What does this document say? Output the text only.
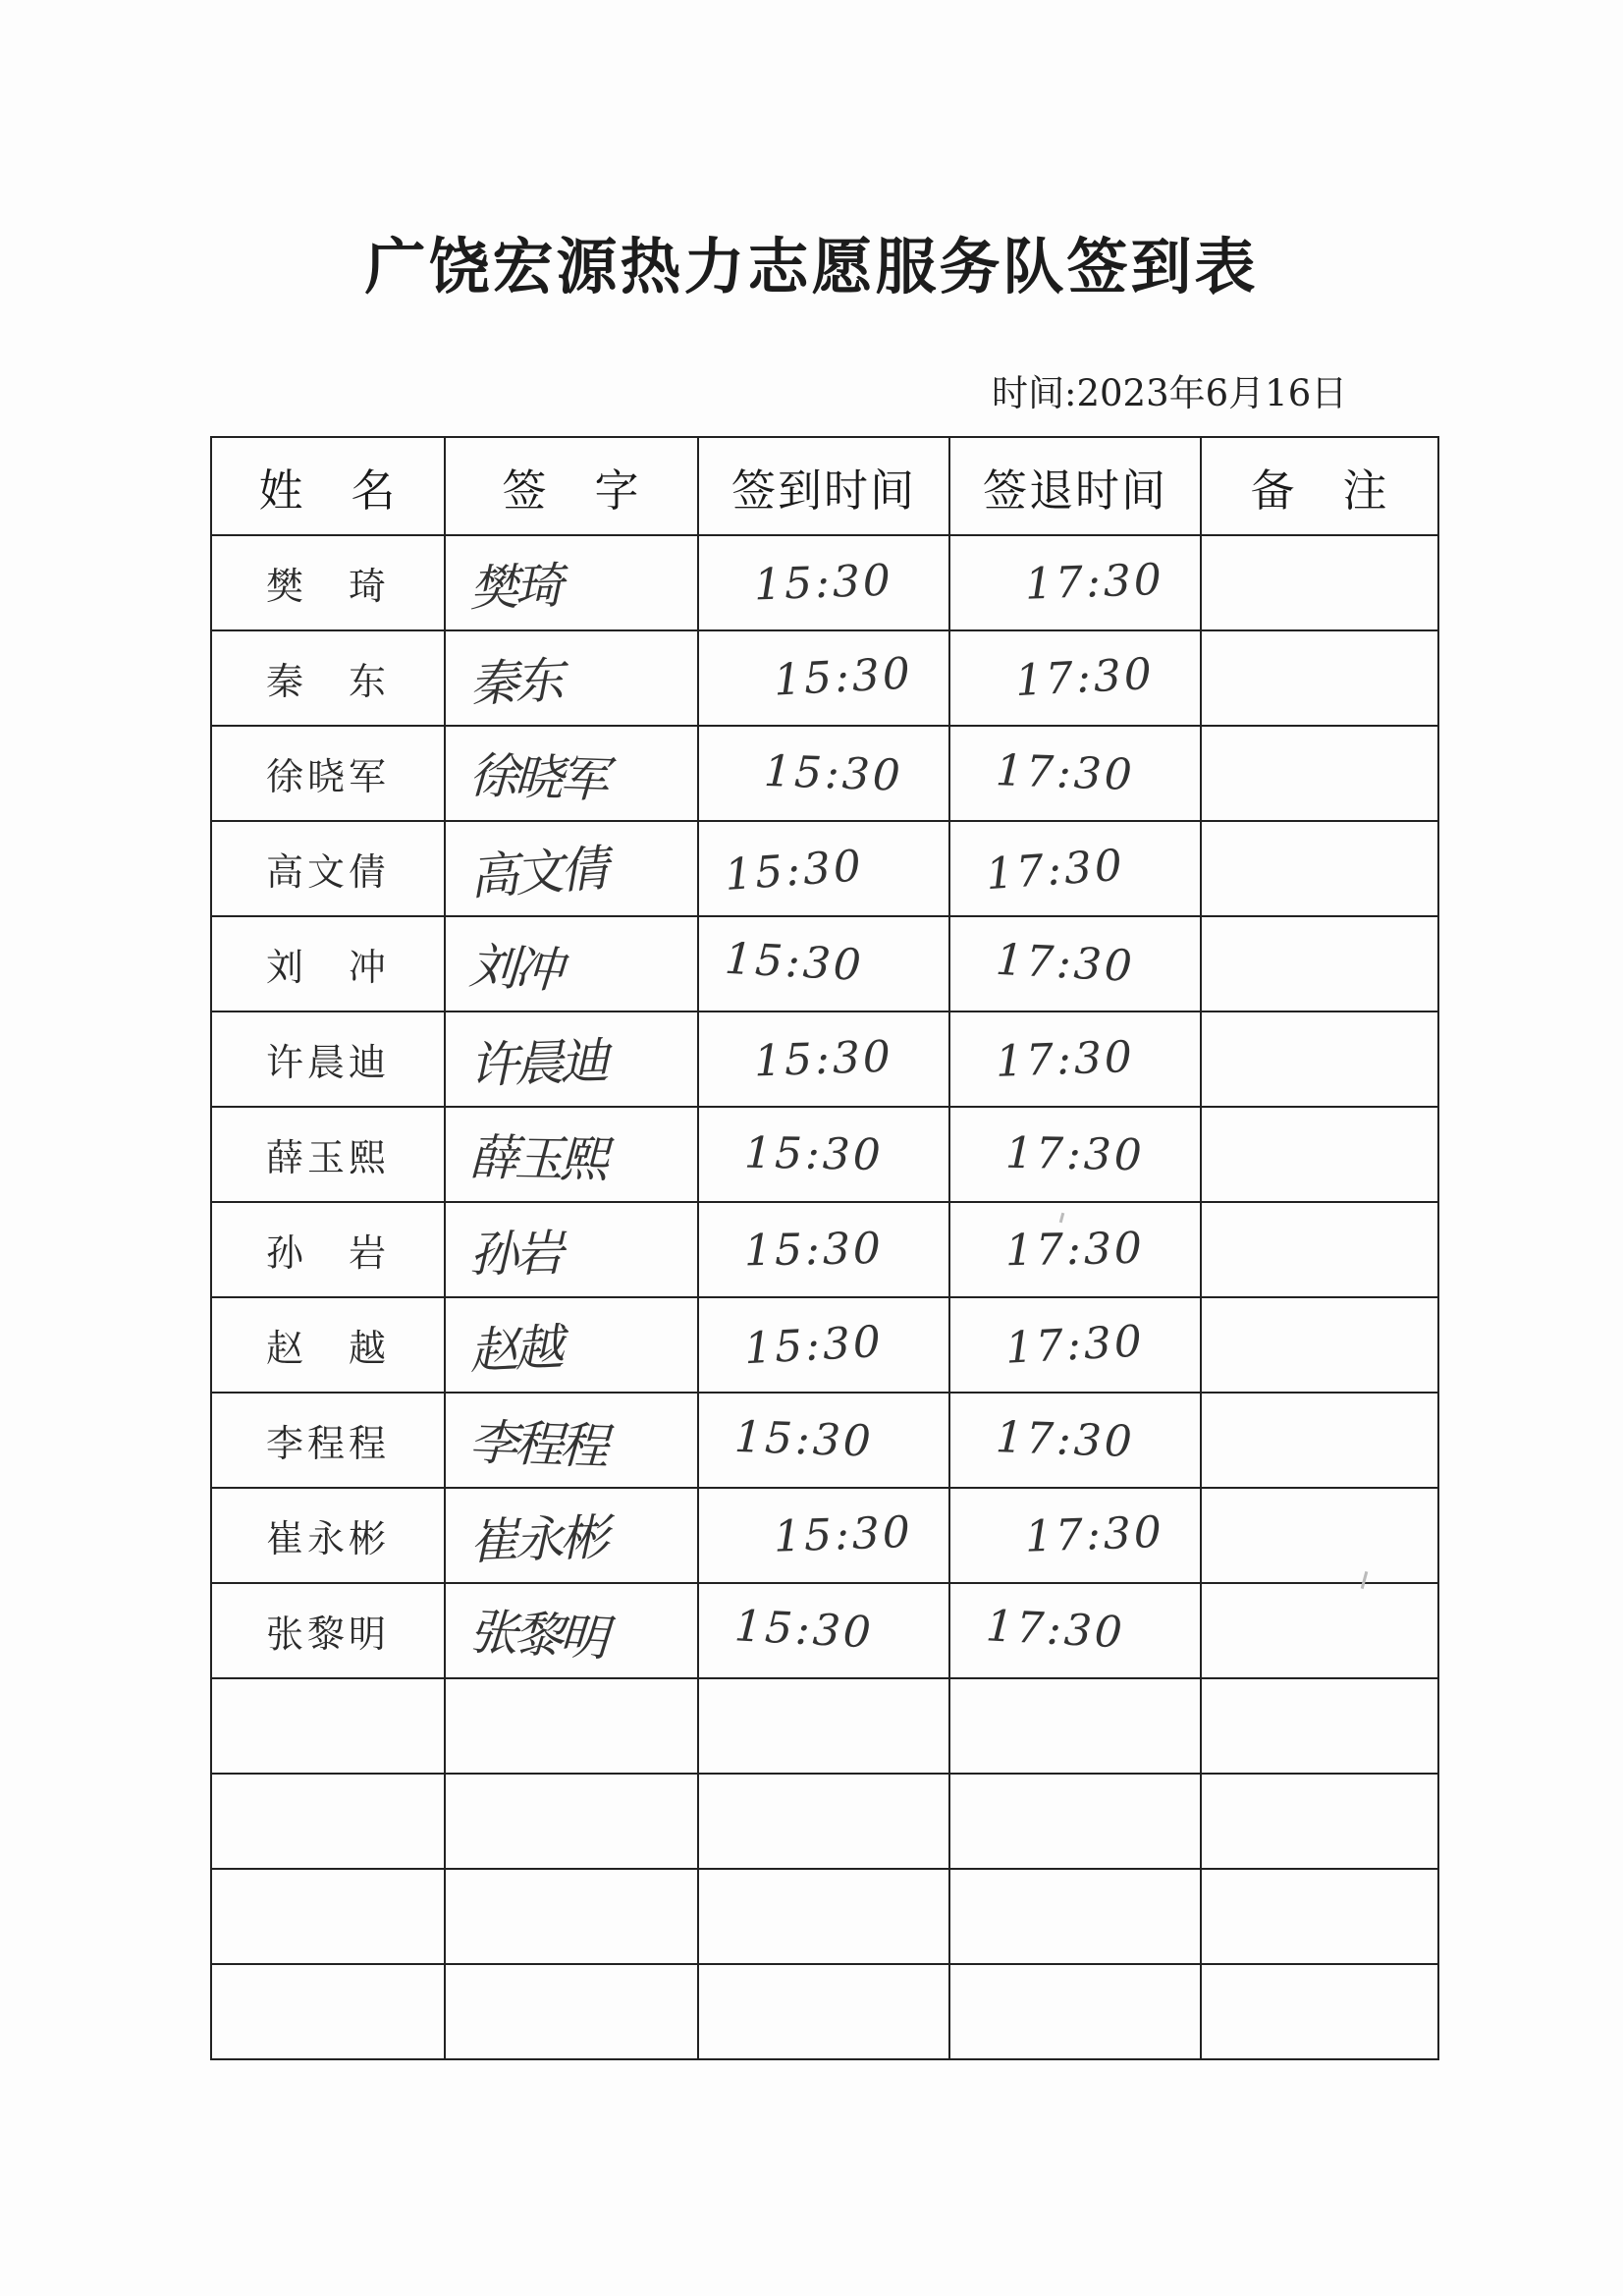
广饶宏源热力志愿服务队签到表
时间:2023年6月16日
姓　名	签　字	签到时间	签退时间	备　注
樊　琦	樊琦	15:30	17:30	
秦　东	秦东	15:30	17:30	
徐晓军	徐晓军	15:30	17:30	
高文倩	高文倩	15:30	17:30	
刘　冲	刘冲	15:30	17:30	
许晨迪	许晨迪	15:30	17:30	
薛玉熙	薛玉熙	15:30	17:30	
孙　岩	孙岩	15:30	17:30	
赵　越	赵越	15:30	17:30	
李程程	李程程	15:30	17:30	
崔永彬	崔永彬	15:30	17:30	
张黎明	张黎明	15:30	17:30	
